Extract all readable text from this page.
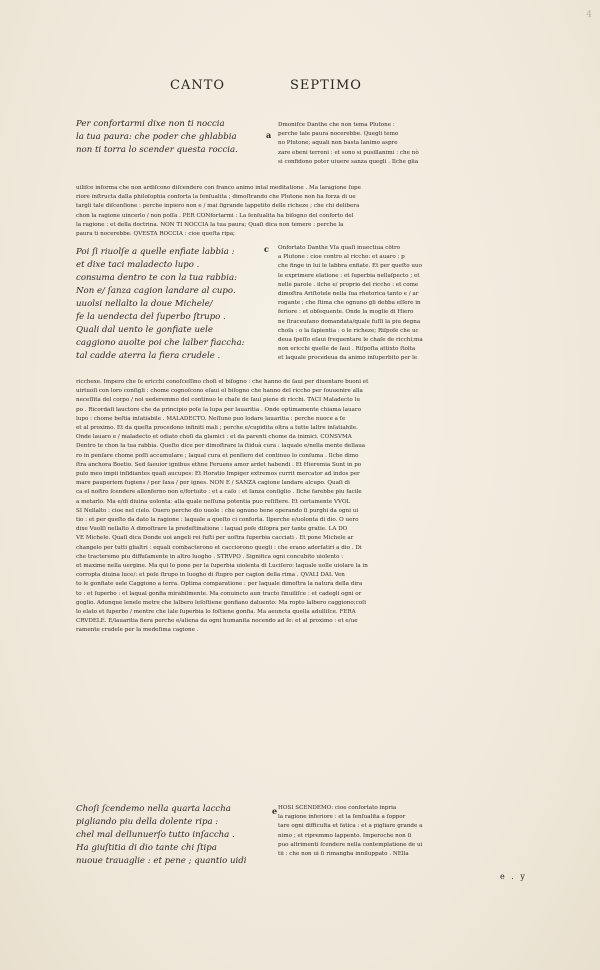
4
CANTO	SEPTIMO
Per confortarmi dixe non ti noccia
la tua paura: che poder che ghlabbia
non ti torra lo scender questa roccia.
a
Dmonifce Danthe che non tema Plutone :
perche tale paura nocerebbe. Quegli temo
no Plutone; aquali non basta lanimo aspre
zare ebeni terreni : et sono si pusillanimi : che nò
si confidono poter uiuere sanza quegli . Ilche glia
uiliſce informa che non ardiſcono diſcendere con franco animo intal meditatione . Ma laragione ſupe
riore inſtructa dalla philoſophia conforta la ſenſualita ; dimoſtrando che Plutone non ha forza di ue
targli tale diſcenſione : perche inpiero non e / mai ſigrande lappetito delle richeze ; che chi delibera
chon la ragione uincerlo / non poſſa . PER CONfortarmi : La ſenſualita ha biſogno del conforto del
la ragione : et della doctrina. NON TI NOCCIA la tua paura; Quaſi dica non temere : perche la
paura ti nocerebbe. QVESTA ROCCIA : cioe queſta ripa;
Poi ſi riuolſe a quelle enfiate labbia :
et dixe taci maladecto lupo .
consuma dentro te con la tua rabbia:
Non e/ ſanza cagion landare al cupo.
uuolsi nellalto la doue Michele/
fe la uendecta del ſuperbo ſtrupo .
Quali dal uento le gonfiate uele
caggiono auolte poi che lalber fiaccha:
tal cadde aterra la fiera crudele .
c Onfortato Danthe Vſa quaſi inuectiua cōtro
a Plutone : cioe contro al riccho: et auaro : p
che finge in lui le labbra enfiate. Et per queſto uuo
le exprimere elatione : et ſuperbia nellaſpecto ; et
nelle parole . ilche e/ proprio del riccho : et come
dimoſtra Ariſtotele nella ſua rhetorica tanto e / ar
rogante ; che ſtima che ognuno gli debba eſſere in
feriore : et obſequente. Onde la moglie di Hiero
ne ſiraceuſano domandata/quale fuſſi la piu degna
choſa : o la ſapientia : o le richeze; Riſpoſe che uc
deua ſpeſſo eſaui frequentare le chaſe de ricchi;ma
non ericchi quelle de ſaui . Riſpoſta attixto ſtolta
et laquale procedeua da animo inſuperbito per le
ricchexe. Impero che ſe ericchi conoſceſſino choſi el biſogno : che hanno de ſaui per diuentare buoni et
uirtuoſi con loro conſigli : chome cognoſcono eſaui el biſogno che hanno del riccho per ſouuenire alla
neceſſita del corpo / noi uederemmo del continuo le chaſe de ſaui piene di ricchi. TACI Maladecto lu
po . Ricordaſi lauctore che da principio poſe la lupa per lauaritia . Onde optimamente chiama lauaro
lupo : chome beſtia inſatiabile . MALADECTO. Neſſuno puo lodare lauaritia : perche nuoce a ſe
et al proximo. Et da queſta procedono infiniti mali ; perche e/cupidita oltra a tutte laltre inſatiabile.
Onde lauaro e / maladecto et odiato choſi da glamici : et da parenti chome da inimici. CONSVMA
Dentro te chon la tua rabbia. Queſto dice per dimoſtrare la ſtiduà cura : laquale e/nella mente dellaua
ro in penſare chome poſſi accumulare ; laqual cura et penſiero del continuo lo conſuma . Ilche dimo
ſtra anchora Boetio. Sed ſaeuior ignibus ethne Feruens amor ardet habendi . Et Hieremia Sunt in po
pulo meo impii inſidiantes quaſi aucupes: Et Horatio Impiger extremos currit mercator ad indos per
mare pauperiem fugiens / per ſaxa / per ignes. NON E / SANZA cagione landare alcupo. Quaſi di
ca el noſtro ſcendere allonferno non e/fortuito : et a caſo : et ſanza conſiglio . Ilche farebbe piu facile
a metarlo. Ma e/di diuina uolonta: alla quale neſſuna potentia puo reſiſtere. Et certamente VVOL
SI Nellalto : cioe nel cielo. Ouero perche dio uuole : che ognuno bene operando ſi purghi da ogni ui
tio : et per queſto da dato la ragione : laquale a queſto ci conforta. Ilperche e/uolonta di dio. O uero
dixe Vuolſi nellalto A dimoſtrare la predeſtinatione : laqual poſe diſopra per tante gratie. LA DO
VE Michele. Quaſi dica Donde uoi angeli rei fuſti per uoſtra ſuperbia cacciati . Et pone Michele ar
changelo per tutti glialtri : equali combacterono et cacciorono quegli : che erano aderſatiri a dio . Di
che tracteremo piu diffuſamente in altro luogho . STRVPO . Significa ogni concubito uiolento :
et maxime nella uergine. Ma qui lo pone per la ſuperbia uiolenta di Luciſero: laquale uolle uiolare la in
corropta diuina luce/: et poſe ſtrupo in luogho di ſtupro per cagion della rima . QVALI DAL Ven
to le gonfiate uele Caggiono a terra. Optima comparatione : per laquale dimoſtra la natura della dira
to : et ſuperbo : et laqual gonfia mirabilmente. Ma conuincto aun tracto ſinuiliſce : et cadegli ogni or
goglio. Adunque lenele metre che lalbero leſoſtiene gonfiano daluento: Ma ropto lalbero caggiono;coſi
lo elato et ſuperbo / mentre che lale ſuperbia lo ſoſtiene gonfia. Ma aeuncta quella adulliſce. FERA
CRVDELE. E/lauaritia fiera perche e/aliena da ogni humanita nocendo ad ſe: et al proximo : et e/ue
ramente crudele per la medeſima cagione .
Choſi ſcendemo nella quarta laccha
pigliando piu della dolente ripa :
chel mal dellunuerſo tutto inſaccha .
Ha giuſtitia di dio tante chi ſtipa
nuoue trauaglie : et pene ; quantio uidi
e HOSI SCENDEMO: cioe confortato inpria
la ragione inferiore : et la ſenſualita a ſoppor
tare ogni difficulta et fatica : et a pigliare grande a
nimo ; et ripremmo lappento. Imperoche non ſi
puo altrimenti ſcendere nella contemplatione de ui
tii : che non ui ſi rimangha inniluppato . NElla
e . y
